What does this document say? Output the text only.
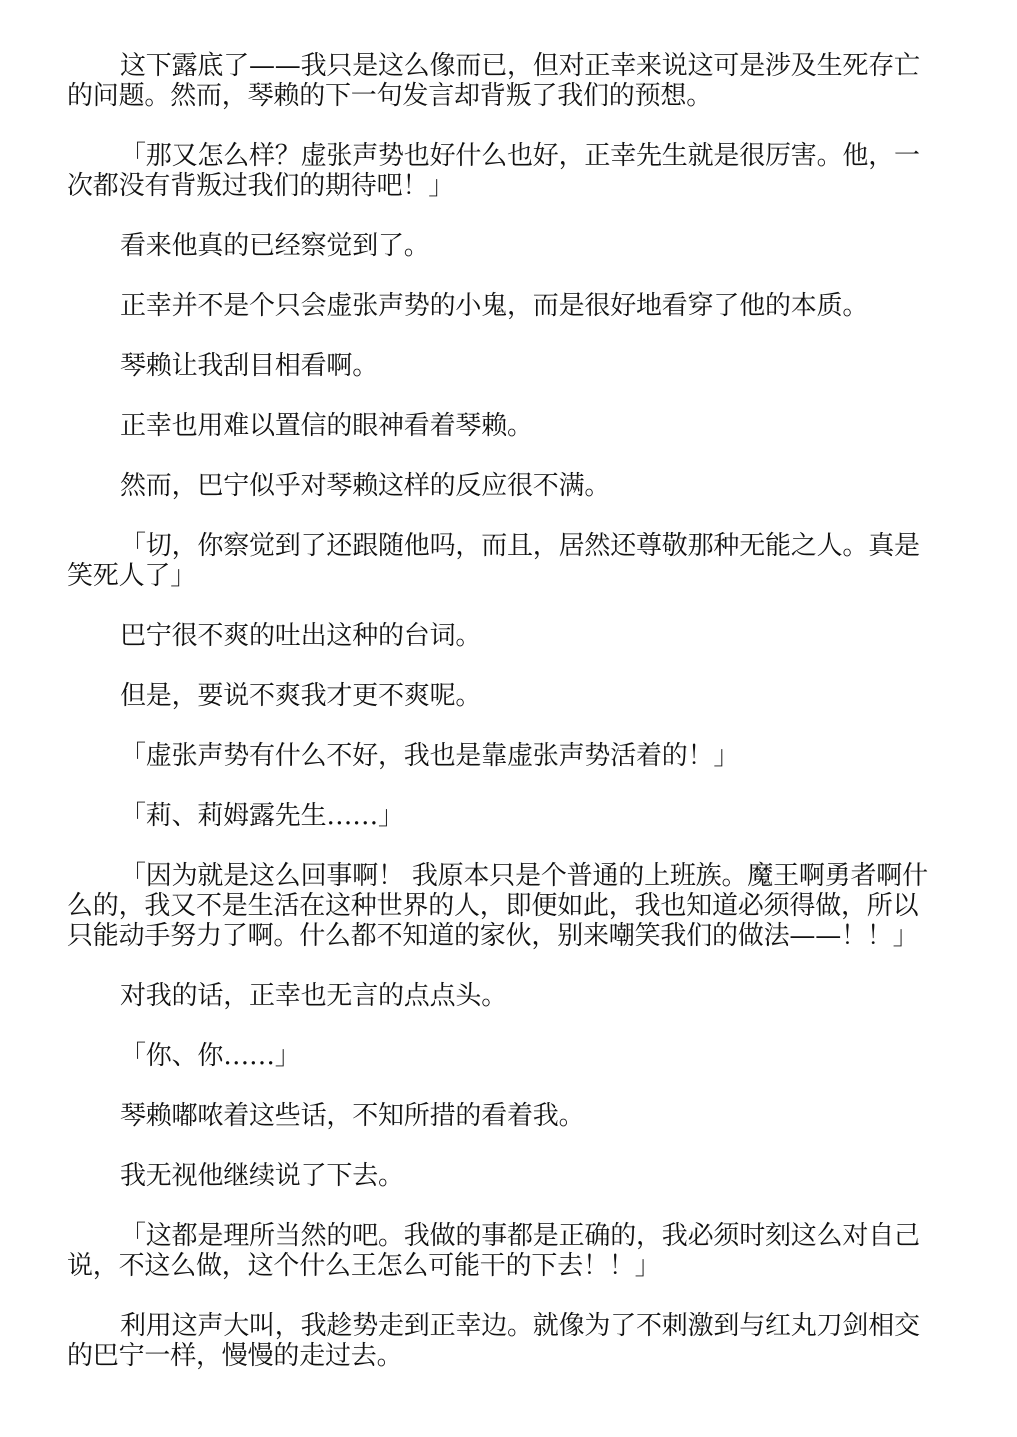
这下露底了——我只是这么像而已，但对正幸来说这可是涉及生死存亡
的问题。然而，琴赖的下一句发言却背叛了我们的预想。

「那又怎么样？虚张声势也好什么也好，正幸先生就是很厉害。他，一
次都没有背叛过我们的期待吧！」

看来他真的已经察觉到了。

正幸并不是个只会虚张声势的小鬼，而是很好地看穿了他的本质。

琴赖让我刮目相看啊。

正幸也用难以置信的眼神看着琴赖。

然而，巴宁似乎对琴赖这样的反应很不满。

「切，你察觉到了还跟随他吗，而且，居然还尊敬那种无能之人。真是
笑死人了」

巴宁很不爽的吐出这种的台词。

但是，要说不爽我才更不爽呢。

「虚张声势有什么不好，我也是靠虚张声势活着的！」

「莉、莉姆露先生……」

「因为就是这么回事啊！ 我原本只是个普通的上班族。魔王啊勇者啊什
么的，我又不是生活在这种世界的人，即便如此，我也知道必须得做，所以
只能动手努力了啊。什么都不知道的家伙，别来嘲笑我们的做法——！！」

对我的话，正幸也无言的点点头。

「你、你……」

琴赖嘟哝着这些话，不知所措的看着我。

我无视他继续说了下去。

「这都是理所当然的吧。我做的事都是正确的，我必须时刻这么对自己
说，不这么做，这个什么王怎么可能干的下去！！」

利用这声大叫，我趁势走到正幸边。就像为了不刺激到与红丸刀剑相交
的巴宁一样，慢慢的走过去。
